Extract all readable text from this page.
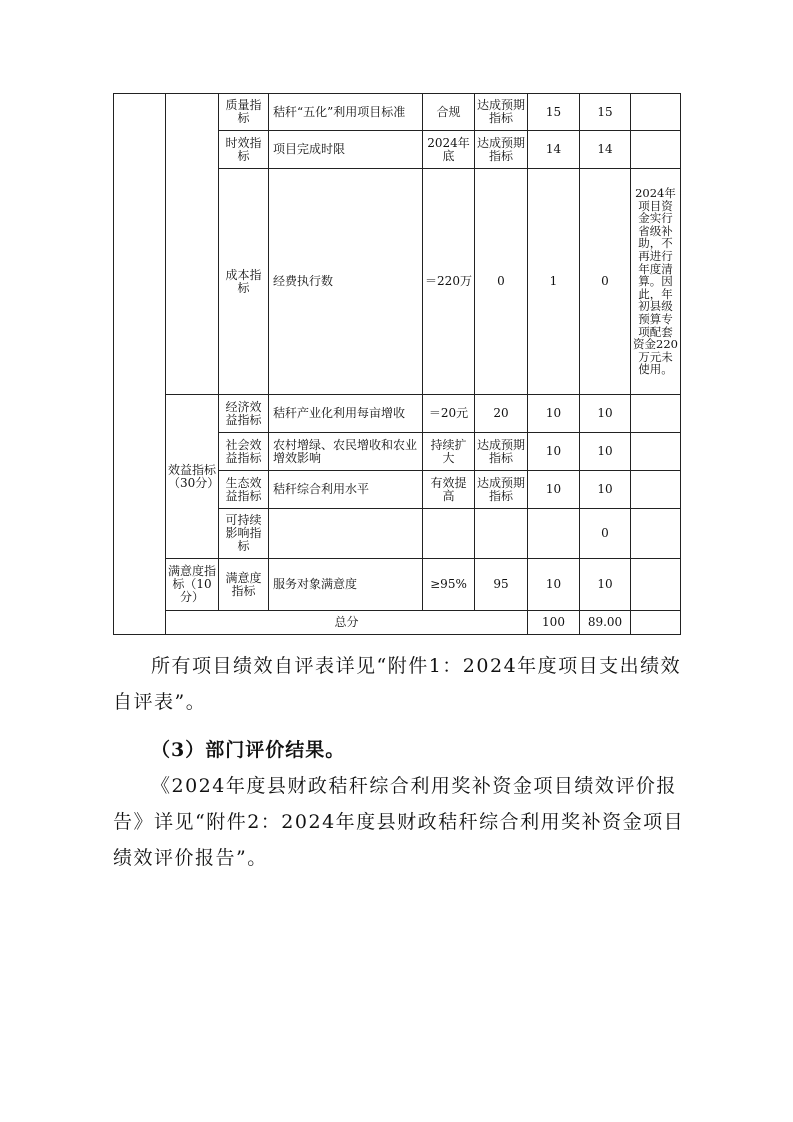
		质量指标	秸秆“五化”利用项目标准	合规	达成预期指标	15	15	
		时效指标	项目完成时限	2024年底	达成预期指标	14	14	
		成本指标	经费执行数	＝220万	0	1	0	2024年项目资金实行省级补助，不再进行年度清算。因此，年初县级预算专项配套资金220万元未使用。
	效益指标（30分）	经济效益指标	秸秆产业化利用每亩增收	＝20元	20	10	10	
		社会效益指标	农村增绿、农民增收和农业增效影响	持续扩大	达成预期指标	10	10	
		生态效益指标	秸秆综合利用水平	有效提高	达成预期指标	10	10	
		可持续影响指标					0	
	满意度指标（10分）	满意度指标	服务对象满意度	≥95%	95	10	10	
	总分					100	89.00	

所有项目绩效自评表详见“附件1：2024年度项目支出绩效自评表”。

（3）部门评价结果。

《2024年度县财政秸秆综合利用奖补资金项目绩效评价报告》详见“附件2：2024年度县财政秸秆综合利用奖补资金项目绩效评价报告”。
